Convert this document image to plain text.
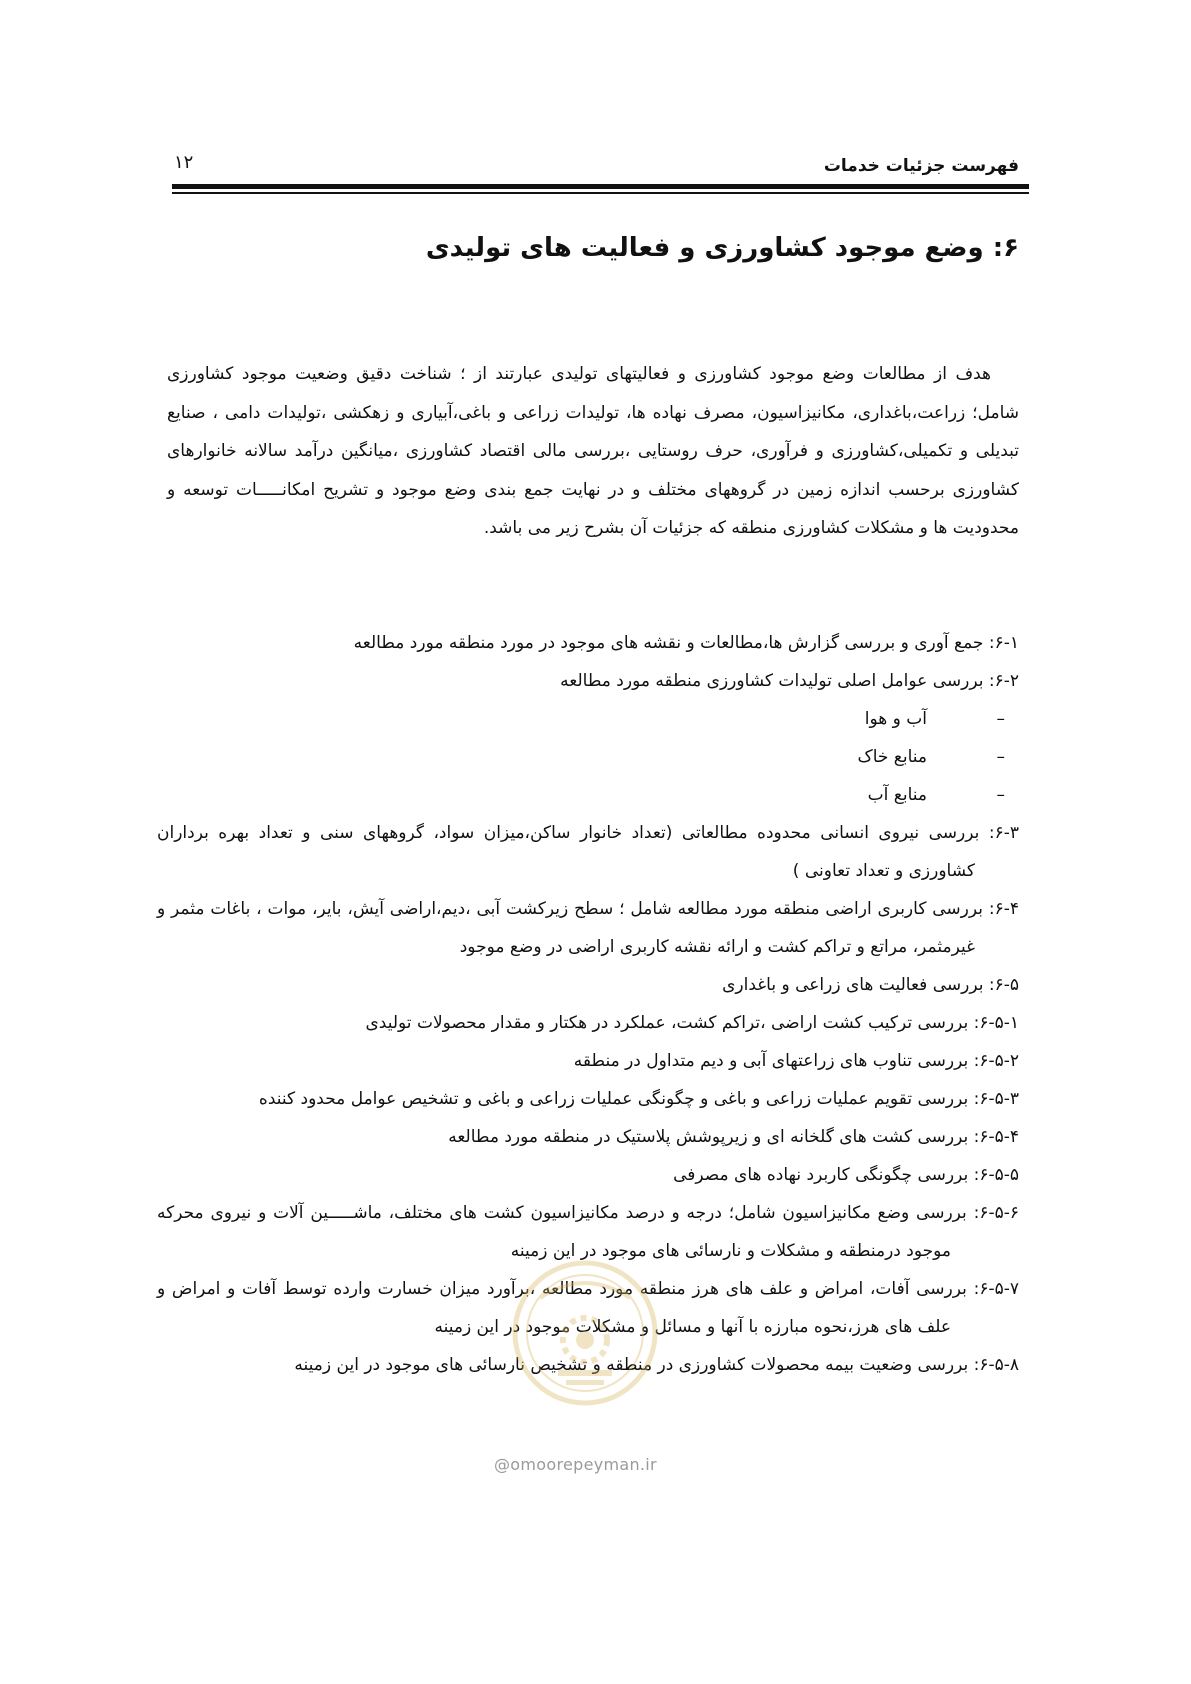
فهرست جزئیات خدمات
۱۲
۶: وضع موجود کشاورزی و فعالیت های تولیدی

هدف از مطالعات وضع موجود کشاورزی و فعالیتهای تولیدی عبارتند از ؛ شناخت دقیق وضعیت موجود کشاورزی شامل؛ زراعت،باغداری، مکانیزاسیون، مصرف نهاده ها، تولیدات زراعی و باغی،آبیاری و زهکشی ،تولیدات دامی ، صنایع تبدیلی و تکمیلی،کشاورزی و فرآوری، حرف روستایی ،بررسی مالی اقتصاد کشاورزی ،میانگین درآمد سالانه خانوارهای کشاورزی برحسب اندازه زمین در گروههای مختلف و در نهایت جمع بندی وضع موجود و تشریح امکانـــــات توسعه و محدودیت ها و مشکلات کشاورزی منطقه که جزئیات آن بشرح زیر می باشد.

۶-۱: جمع آوری و بررسی گزارش ها،مطالعات و نقشه های موجود در مورد منطقه مورد مطالعه
۶-۲: بررسی عوامل اصلی تولیدات کشاورزی منطقه مورد مطالعه
–آب و هوا
–منابع خاک
–منابع آب
۶-۳: بررسی نیروی انسانی محدوده مطالعاتی (تعداد خانوار ساکن،میزان سواد، گروههای سنی و تعداد بهره برداران کشاورزی و تعداد تعاونی )
۶-۴: بررسی کاربری اراضی منطقه مورد مطالعه شامل ؛ سطح زیرکشت آبی ،دیم،اراضی آیش، بایر، موات ، باغات مثمر و غیرمثمر، مراتع و تراکم کشت و ارائه نقشه کاربری اراضی در وضع موجود
۶-۵: بررسی فعالیت های زراعی و باغداری
۶-۵-۱: بررسی ترکیب کشت اراضی ،تراکم کشت، عملکرد در هکتار و مقدار محصولات تولیدی
۶-۵-۲: بررسی تناوب های زراعتهای آبی و دیم متداول در منطقه
۶-۵-۳: بررسی تقویم عملیات زراعی و باغی و چگونگی عملیات زراعی و باغی و تشخیص عوامل محدود کننده
۶-۵-۴: بررسی کشت های گلخانه ای و زیرپوشش پلاستیک در منطقه مورد مطالعه
۶-۵-۵: بررسی چگونگی کاربرد نهاده های مصرفی
۶-۵-۶: بررسی وضع مکانیزاسیون شامل؛ درجه و درصد مکانیزاسیون کشت های مختلف، ماشـــــین آلات و نیروی محرکه موجود درمنطقه و مشکلات و نارسائی های موجود در این زمینه
۶-۵-۷: بررسی آفات، امراض و علف های هرز منطقه مورد مطالعه ،برآورد میزان خسارت وارده توسط آفات و امراض و علف های هرز،نحوه مبارزه با آنها و مسائل و مشکلات موجود در این زمینه
۶-۵-۸: بررسی وضعیت بیمه محصولات کشاورزی در منطقه و تشخیص نارسائی های موجود در این زمینه
@omoorepeyman.ir
